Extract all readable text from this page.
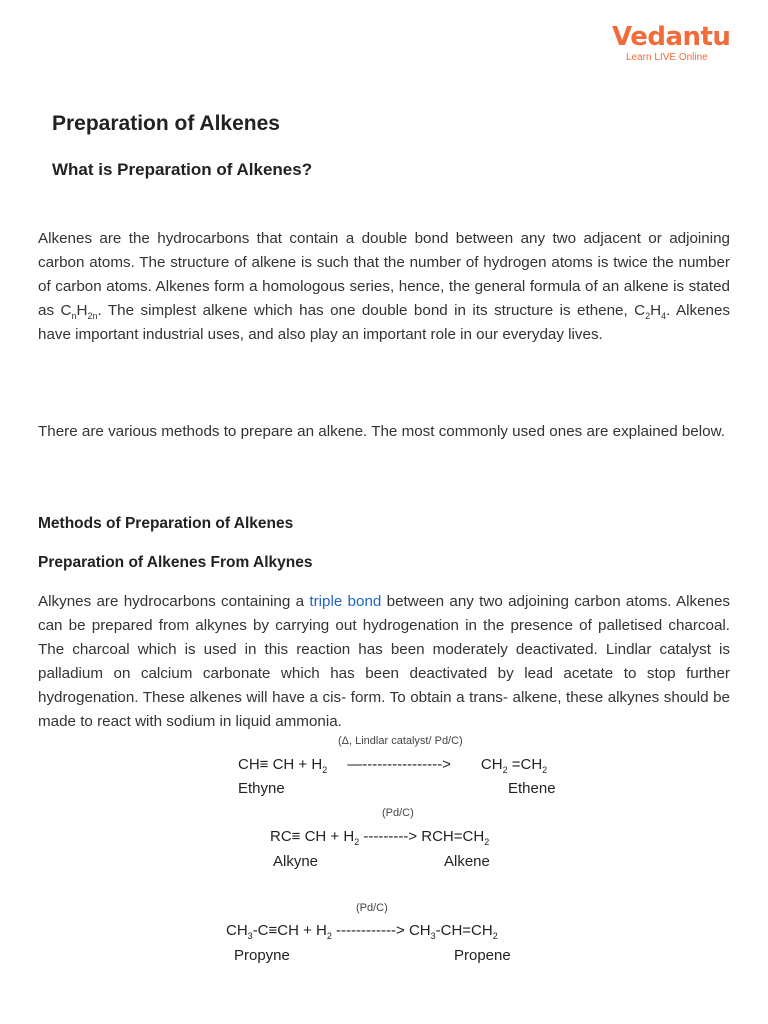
Vedantu
Learn LIVE Online
Preparation of Alkenes
What is Preparation of Alkenes?

Alkenes are the hydrocarbons that contain a double bond between any two adjacent or adjoining carbon atoms. The structure of alkene is such that the number of hydrogen atoms is twice the number of carbon atoms. Alkenes form a homologous series, hence, the general formula of an alkene is stated as $C_nH_{2n}$. The simplest alkene which has one double bond in its structure is ethene, $C_2H_4$. Alkenes have important industrial uses, and also play an important role in our everyday lives.

There are various methods to prepare an alkene. The most commonly used ones are explained below.

Methods of Preparation of Alkenes
Preparation of Alkenes From Alkynes

Alkynes are hydrocarbons containing a triple bond between any two adjoining carbon atoms. Alkenes can be prepared from alkynes by carrying out hydrogenation in the presence of palletised charcoal. The charcoal which is used in this reaction has been moderately deactivated. Lindlar catalyst is palladium on calcium carbonate which has been deactivated by lead acetate to stop further hydrogenation. These alkenes will have a cis- form. To obtain a trans- alkene, these alkynes should be made to react with sodium in liquid ammonia.

(Δ, Lindlar catalyst/ Pd/C)
CH≡ CH + $H_2$ —----------------> $CH_2 =CH_2$
Ethyne	Ethene
(Pd/C)
RC≡ CH + $H_2$ ---------> $RCH=CH_2$
Alkyne	Alkene
(Pd/C)
$CH_3-C\equiv CH + H_2$ ------------> $CH_3-CH=CH_2$
Propyne	Propene
